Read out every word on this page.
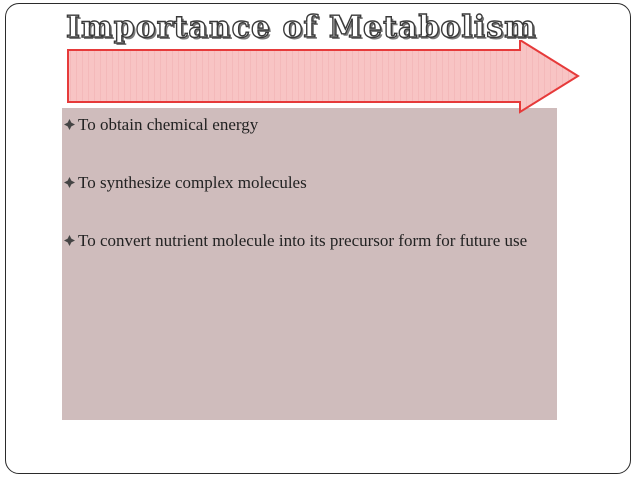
Importance of Metabolism
To obtain chemical energy
To synthesize complex molecules
To convert nutrient molecule into its precursor form for future use
